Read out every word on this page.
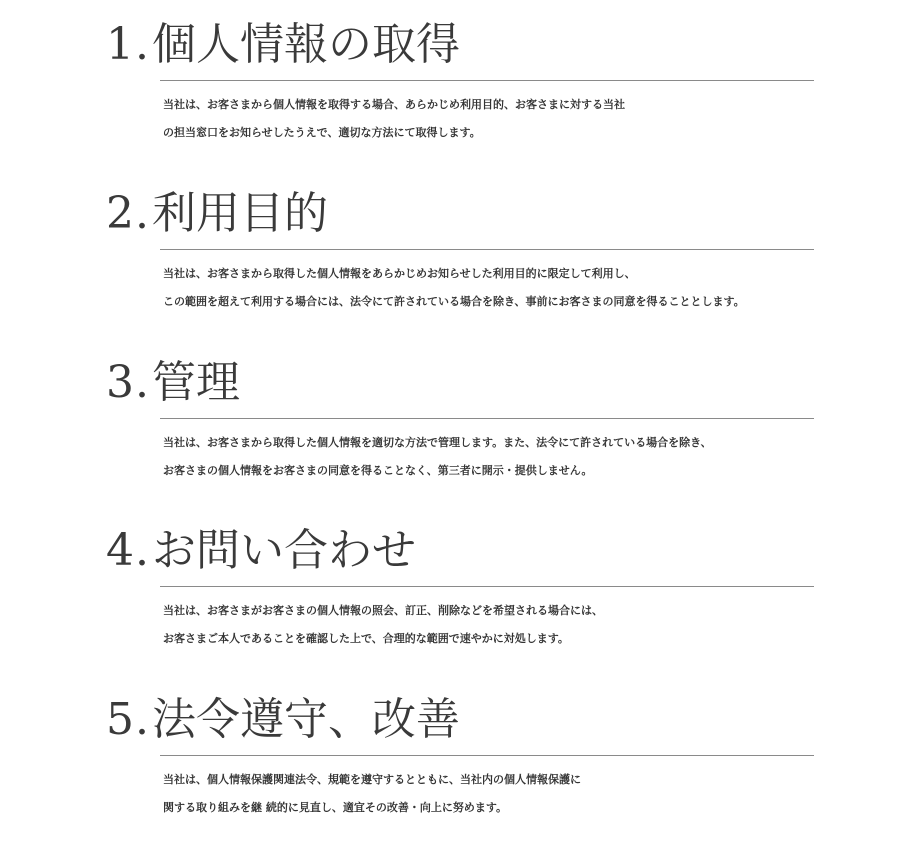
1.個人情報の取得
当社は、お客さまから個人情報を取得する場合、あらかじめ利用目的、お客さまに対する当社
の担当窓口をお知らせしたうえで、適切な方法にて取得します。
2.利用目的
当社は、お客さまから取得した個人情報をあらかじめお知らせした利用目的に限定して利用し、
この範囲を超えて利用する場合には、法令にて許されている場合を除き、事前にお客さまの同意を得ることとします。
3.管理
当社は、お客さまから取得した個人情報を適切な方法で管理します。また、法令にて許されている場合を除き、
お客さまの個人情報をお客さまの同意を得ることなく、第三者に開示・提供しません。
4.お問い合わせ
当社は、お客さまがお客さまの個人情報の照会、訂正、削除などを希望される場合には、
お客さまご本人であることを確認した上で、合理的な範囲で速やかに対処します。
5.法令遵守、改善
当社は、個人情報保護関連法令、規範を遵守するとともに、当社内の個人情報保護に
関する取り組みを継 続的に見直し、適宜その改善・向上に努めます。
